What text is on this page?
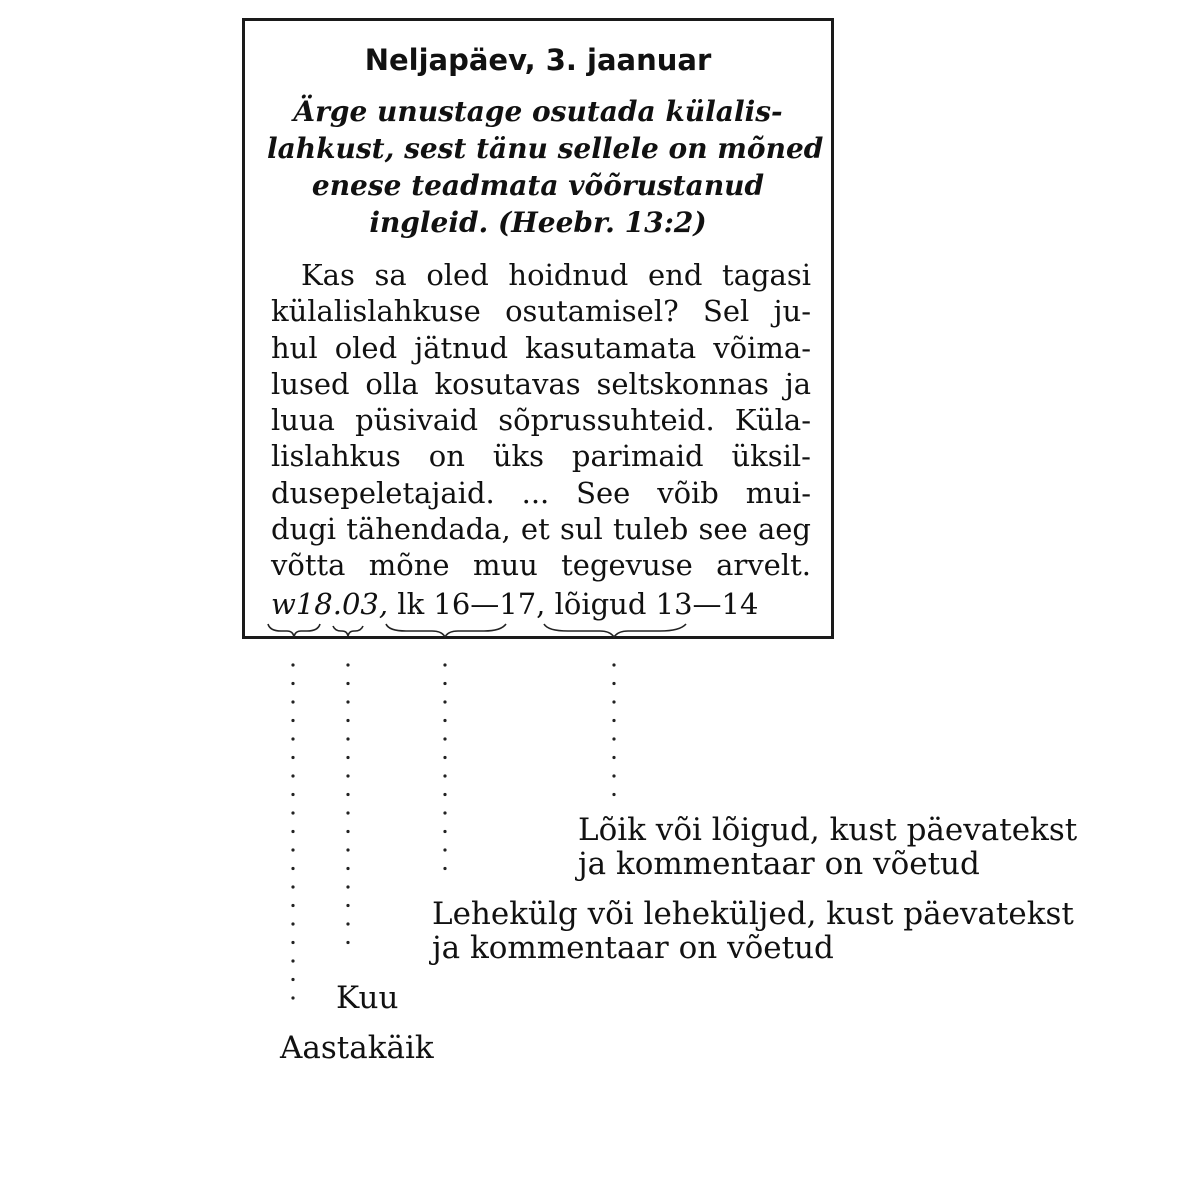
Neljapäev, 3. jaanuar
Ärge unustage osutada külalis-
lahkust, sest tänu sellele on mõned
enese teadmata võõrustanud
ingleid. (Heebr. 13:2)
Kas sa oled hoidnud end tagasi
külalislahkuse osutamisel? Sel ju-
hul oled jätnud kasutamata võima-
lused olla kosutavas seltskonnas ja
luua püsivaid sõprussuhteid. Küla-
lislahkus on üks parimaid üksil-
dusepeletajaid. ... See võib mui-
dugi tähendada, et sul tuleb see aeg
võtta mõne muu tegevuse arvelt.
w18.03, lk 16—17, lõigud 13—14
Lõik või lõigud, kust päevatekst
ja kommentaar on võetud
Lehekülg või leheküljed, kust päevatekst
ja kommentaar on võetud
Kuu
Aastakäik
